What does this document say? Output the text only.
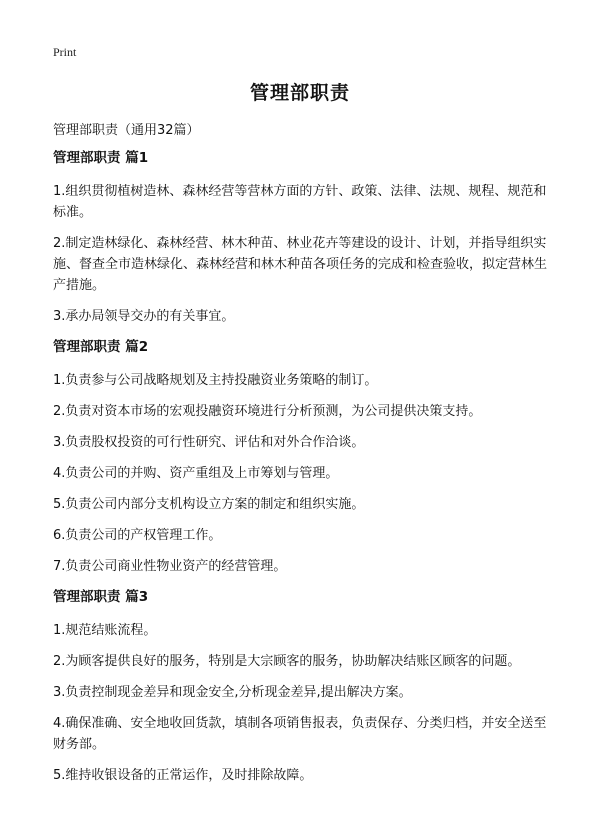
Print
管理部职责
管理部职责（通用32篇）
管理部职责 篇1
1.组织贯彻植树造林、森林经营等营林方面的方针、政策、法律、法规、规程、规范和标准。
2.制定造林绿化、森林经营、林木种苗、林业花卉等建设的设计、计划，并指导组织实施、督查全市造林绿化、森林经营和林木种苗各项任务的完成和检查验收，拟定营林生产措施。
3.承办局领导交办的有关事宜。
管理部职责 篇2
1.负责参与公司战略规划及主持投融资业务策略的制订。
2.负责对资本市场的宏观投融资环境进行分析预测，为公司提供决策支持。
3.负责股权投资的可行性研究、评估和对外合作洽谈。
4.负责公司的并购、资产重组及上市筹划与管理。
5.负责公司内部分支机构设立方案的制定和组织实施。
6.负责公司的产权管理工作。
7.负责公司商业性物业资产的经营管理。
管理部职责 篇3
1.规范结账流程。
2.为顾客提供良好的服务，特别是大宗顾客的服务，协助解决结账区顾客的问题。
3.负责控制现金差异和现金安全,分析现金差异,提出解决方案。
4.确保准确、安全地收回货款，填制各项销售报表，负责保存、分类归档，并安全送至财务部。
5.维持收银设备的正常运作，及时排除故障。
